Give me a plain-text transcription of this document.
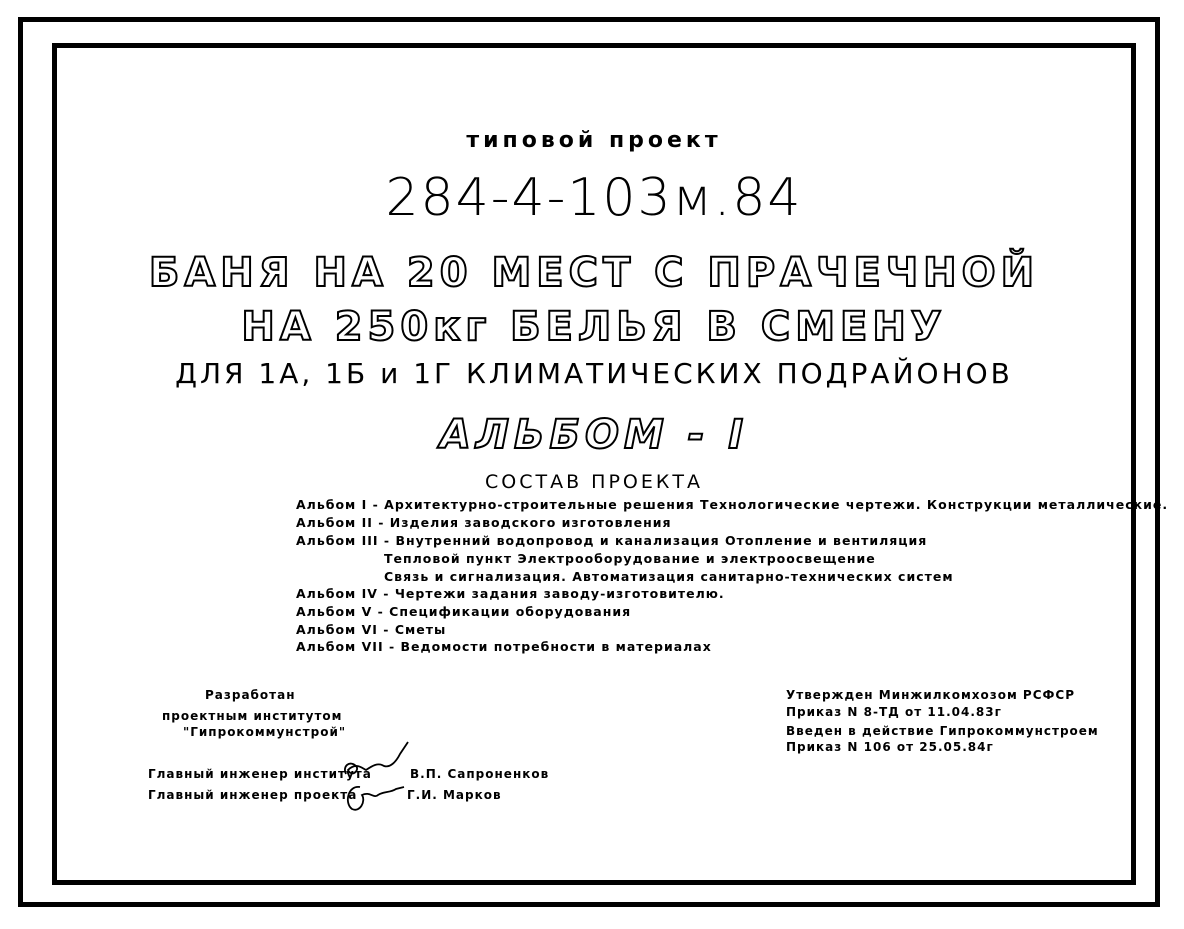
типовой проект
284-4-103м.84
БАНЯ НА 20 МЕСТ С ПРАЧЕЧНОЙ
НА 250кг БЕЛЬЯ В СМЕНУ
ДЛЯ 1А, 1Б и 1Г КЛИМАТИЧЕСКИХ ПОДРАЙОНОВ
АЛЬБОМ - I
СОСТАВ ПРОЕКТА
Альбом I - Архитектурно-строительные решения Технологические чертежи. Конструкции металлические.
Альбом II - Изделия заводского изготовления
Альбом III - Внутренний водопровод и канализация Отопление и вентиляция
Тепловой пункт Электрооборудование и электроосвещение
Связь и сигнализация. Автоматизация санитарно-технических систем
Альбом IV - Чертежи задания заводу-изготовителю.
Альбом V - Спецификации оборудования
Альбом VI - Сметы
Альбом VII - Ведомости потребности в материалах
Разработан
проектным институтом
"Гипрокоммунстрой"
Главный инженер института	В.П. Сапроненков
Главный инженер проекта	Г.И. Марков
Утвержден Минжилкомхозом РСФСР
Приказ N 8-ТД от 11.04.83г
Введен в действие Гипрокоммунстроем
Приказ N 106 от 25.05.84г
